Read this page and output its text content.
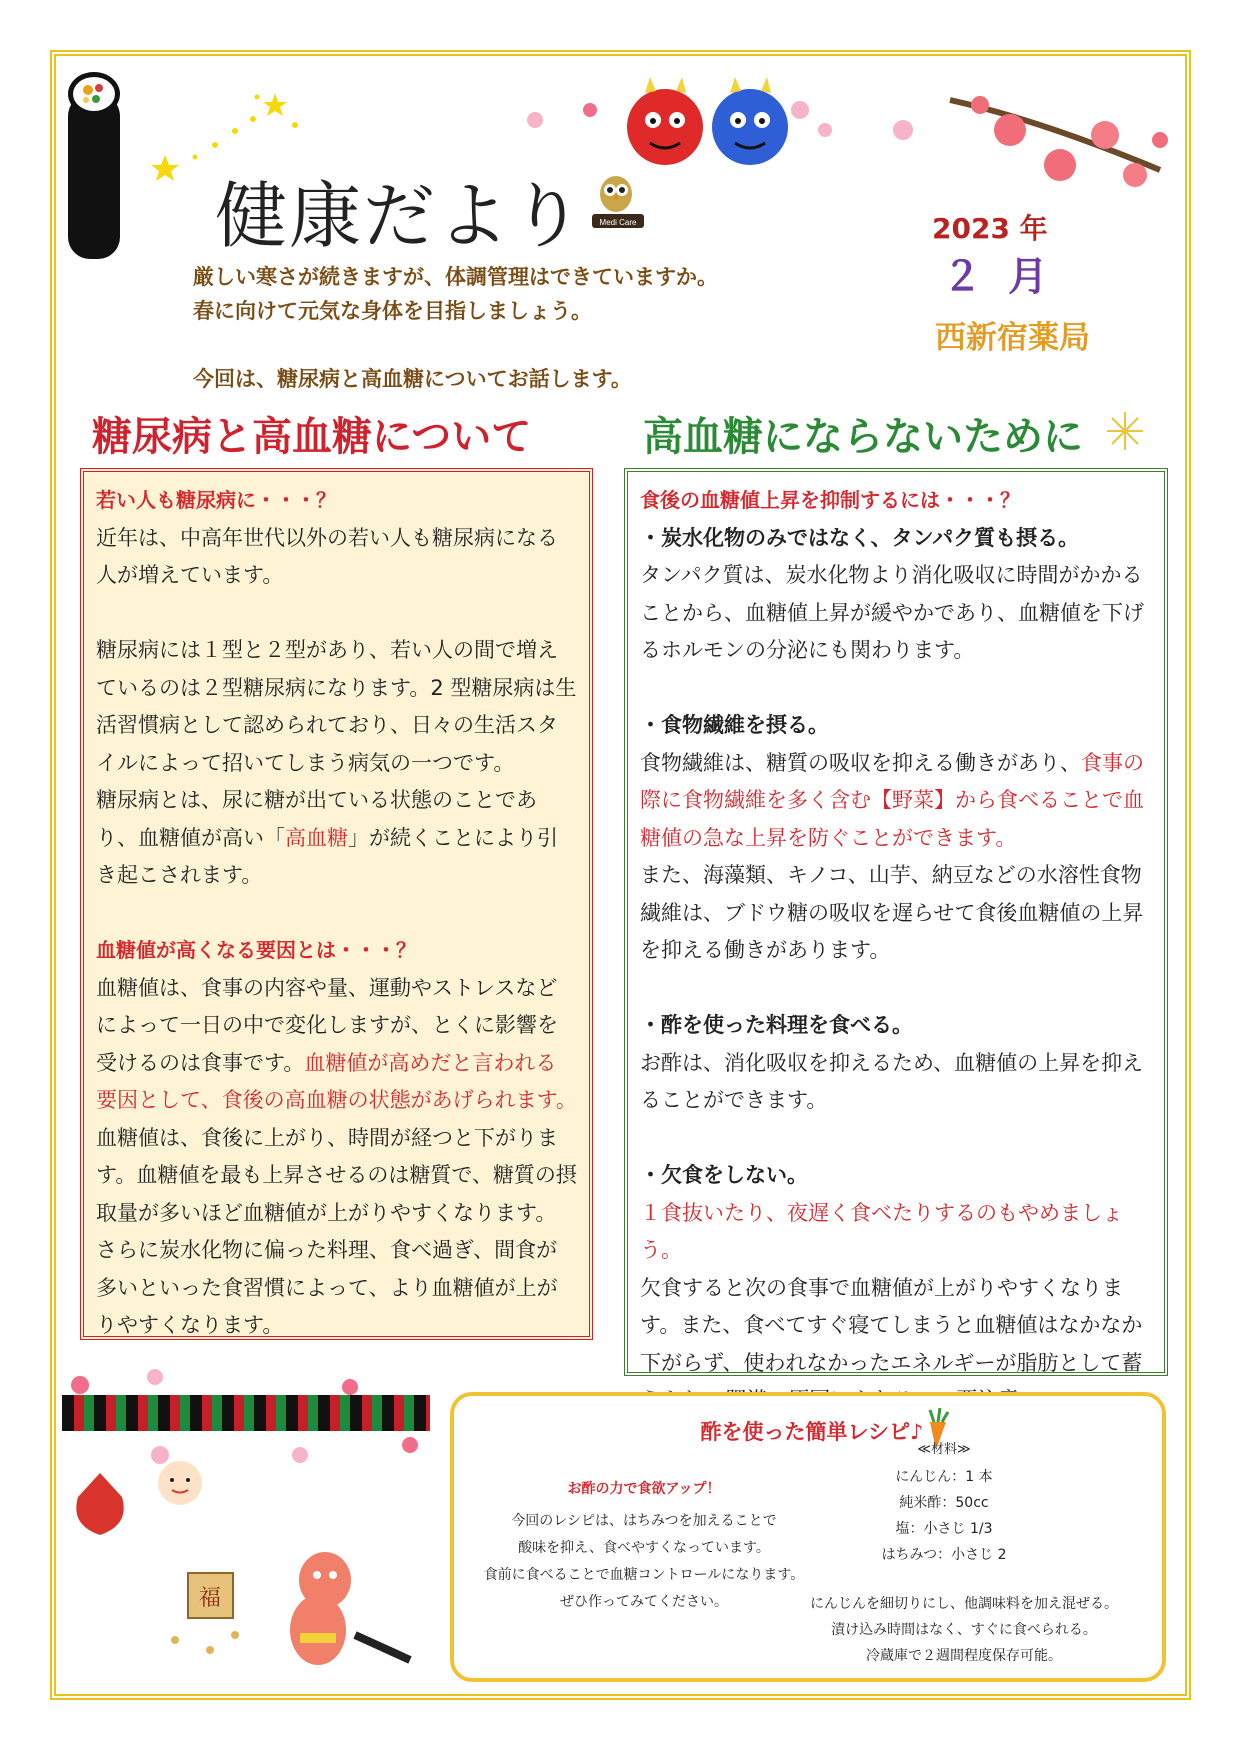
健康だより Medi Care

厳しい寒さが続きますが、体調管理はできていますか。

春に向けて元気な身体を目指しましょう。

今回は、糖尿病と高血糖についてお話します。

2023 年
２ 月
西新宿薬局
糖尿病と高血糖について	高血糖にならないために

若い人も糖尿病に・・・？

近年は、中高年世代以外の若い人も糖尿病になる人が増えています。

糖尿病には１型と２型があり、若い人の間で増えているのは２型糖尿病になります。2 型糖尿病は生活習慣病として認められており、日々の生活スタイルによって招いてしまう病気の一つです。

糖尿病とは、尿に糖が出ている状態のことであり、血糖値が高い「高血糖」が続くことにより引き起こされます。

血糖値が高くなる要因とは・・・？

血糖値は、食事の内容や量、運動やストレスなどによって一日の中で変化しますが、とくに影響を受けるのは食事です。血糖値が高めだと言われる要因として、食後の高血糖の状態があげられます。

血糖値は、食後に上がり、時間が経つと下がります。血糖値を最も上昇させるのは糖質で、糖質の摂取量が多いほど血糖値が上がりやすくなります。さらに炭水化物に偏った料理、食べ過ぎ、間食が多いといった食習慣によって、より血糖値が上がりやすくなります。

食後の血糖値上昇を抑制するには・・・？

・炭水化物のみではなく、タンパク質も摂る。

タンパク質は、炭水化物より消化吸収に時間がかかることから、血糖値上昇が緩やかであり、血糖値を下げるホルモンの分泌にも関わります。

・食物繊維を摂る。

食物繊維は、糖質の吸収を抑える働きがあり、食事の際に食物繊維を多く含む【野菜】から食べることで血糖値の急な上昇を防ぐことができます。

また、海藻類、キノコ、山芋、納豆などの水溶性食物繊維は、ブドウ糖の吸収を遅らせて食後血糖値の上昇を抑える働きがあります。

・酢を使った料理を食べる。

お酢は、消化吸収を抑えるため、血糖値の上昇を抑えることができます。

・欠食をしない。

１食抜いたり、夜遅く食べたりするのもやめましょう。

欠食すると次の食事で血糖値が上がりやすくなります。また、食べてすぐ寝てしまうと血糖値はなかなか下がらず、使われなかったエネルギーが脂肪として蓄

福
酢を使った簡単レシピ♪
お酢の力で食欲アップ！

今回のレシピは、はちみつを加えることで

酸味を抑え、食べやすくなっています。

食前に食べることで血糖コントロールになります。

ぜひ作ってみてください。

≪材料≫

にんじん：1 本

純米酢：50cc

塩：小さじ 1/3

はちみつ：小さじ 2

にんじんを細切りにし、他調味料を加え混ぜる。

漬け込み時間はなく、すぐに食べられる。

冷蔵庫で２週間程度保存可能。
